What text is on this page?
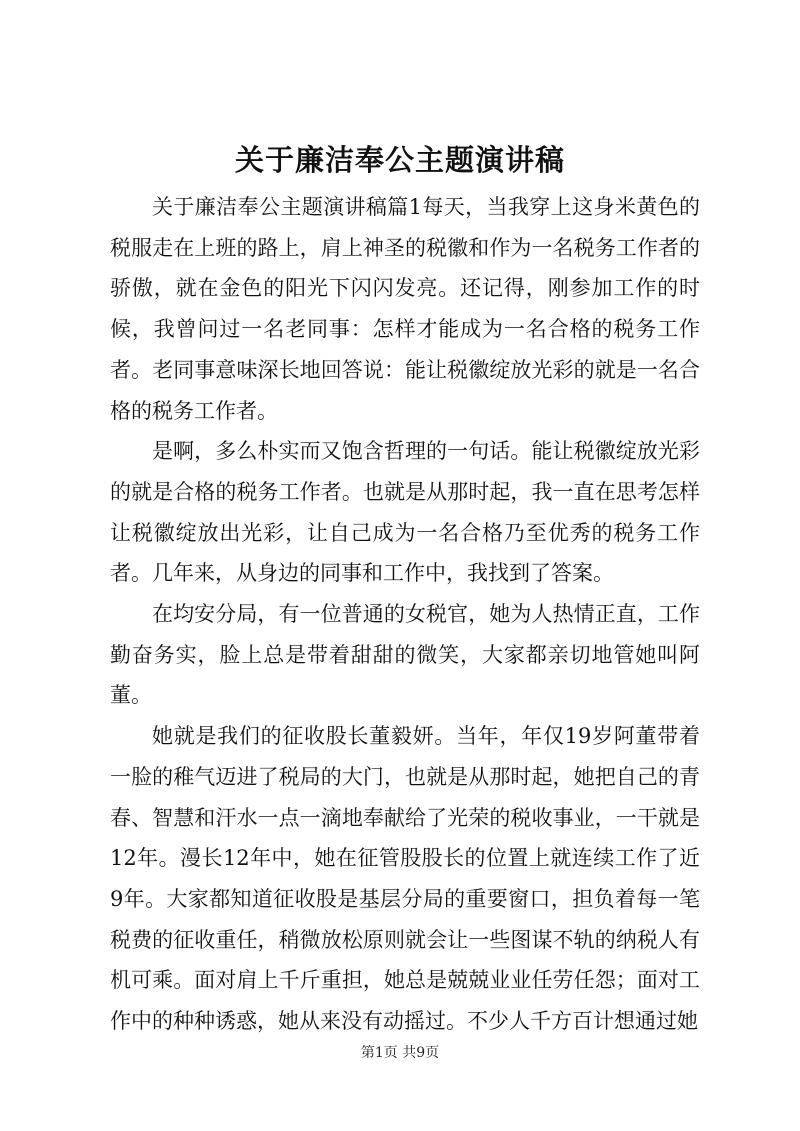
关于廉洁奉公主题演讲稿

关于廉洁奉公主题演讲稿篇1每天，当我穿上这身米黄色的税服走在上班的路上，肩上神圣的税徽和作为一名税务工作者的骄傲，就在金色的阳光下闪闪发亮。还记得，刚参加工作的时候，我曾问过一名老同事：怎样才能成为一名合格的税务工作者。老同事意味深长地回答说：能让税徽绽放光彩的就是一名合格的税务工作者。

是啊，多么朴实而又饱含哲理的一句话。能让税徽绽放光彩的就是合格的税务工作者。也就是从那时起，我一直在思考怎样让税徽绽放出光彩，让自己成为一名合格乃至优秀的税务工作者。几年来，从身边的同事和工作中，我找到了答案。

在均安分局，有一位普通的女税官，她为人热情正直，工作勤奋务实，脸上总是带着甜甜的微笑，大家都亲切地管她叫阿董。

她就是我们的征收股长董毅妍。当年，年仅19岁阿董带着一脸的稚气迈进了税局的大门，也就是从那时起，她把自己的青春、智慧和汗水一点一滴地奉献给了光荣的税收事业，一干就是12年。漫长12年中，她在征管股股长的位置上就连续工作了近9年。大家都知道征收股是基层分局的重要窗口，担负着每一笔税费的征收重任，稍微放松原则就会让一些图谋不轨的纳税人有机可乘。面对肩上千斤重担，她总是兢兢业业任劳任怨；面对工作中的种种诱惑，她从来没有动摇过。不少人千方百计想通过她

第1页 共9页
